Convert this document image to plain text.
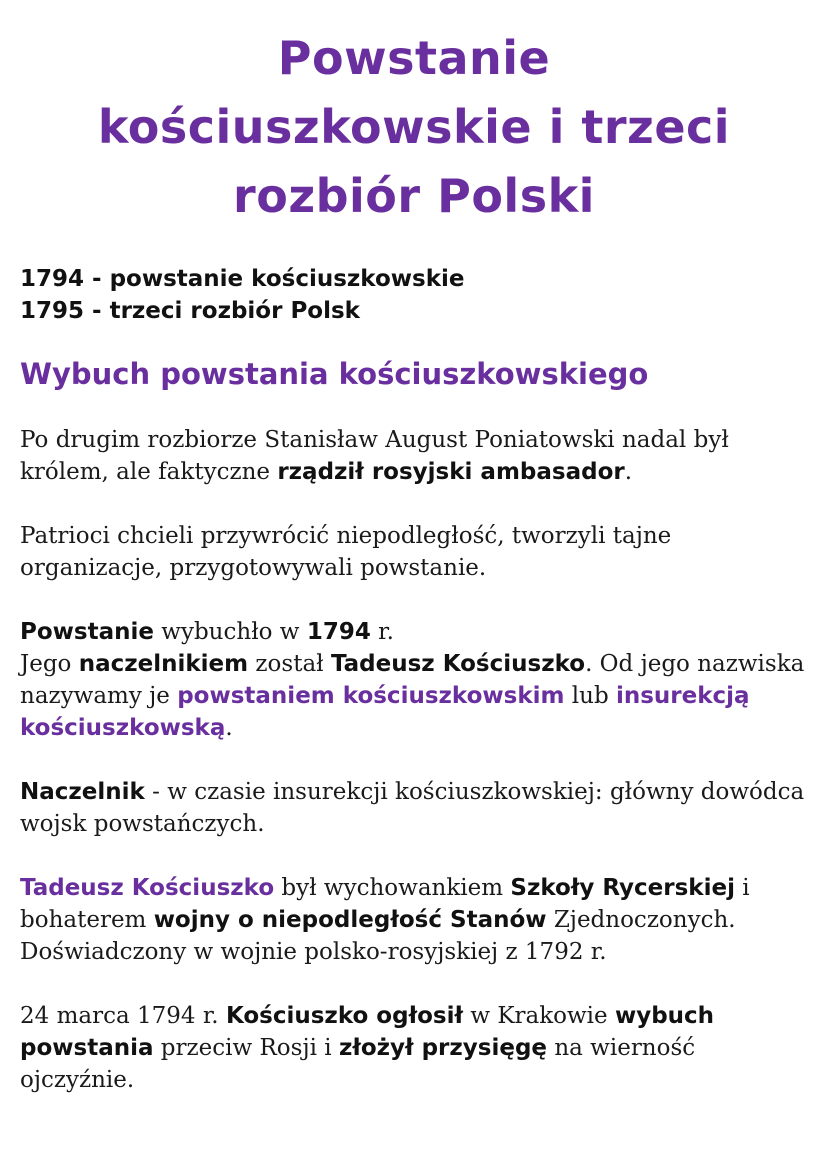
Powstanie
kościuszkowskie i trzeci
rozbiór Polski
1794 - powstanie kościuszkowskie
1795 - trzeci rozbiór Polsk
Wybuch powstania kościuszkowskiego

Po drugim rozbiorze Stanisław August Poniatowski nadal był królem, ale faktyczne rządził rosyjski ambasador.

Patrioci chcieli przywrócić niepodległość, tworzyli tajne organizacje, przygotowywali powstanie.

Powstanie wybuchło w 1794 r.
Jego naczelnikiem został Tadeusz Kościuszko. Od jego nazwiska nazywamy je powstaniem kościuszkowskim lub insurekcją kościuszkowską.

Naczelnik - w czasie insurekcji kościuszkowskiej: główny dowódca wojsk powstańczych.

Tadeusz Kościuszko był wychowankiem Szkoły Rycerskiej i bohaterem wojny o niepodległość Stanów Zjednoczonych. Doświadczony w wojnie polsko-rosyjskiej z 1792 r.

24 marca 1794 r. Kościuszko ogłosił w Krakowie wybuch powstania przeciw Rosji i złożył przysięgę na wierność ojczyźnie.
